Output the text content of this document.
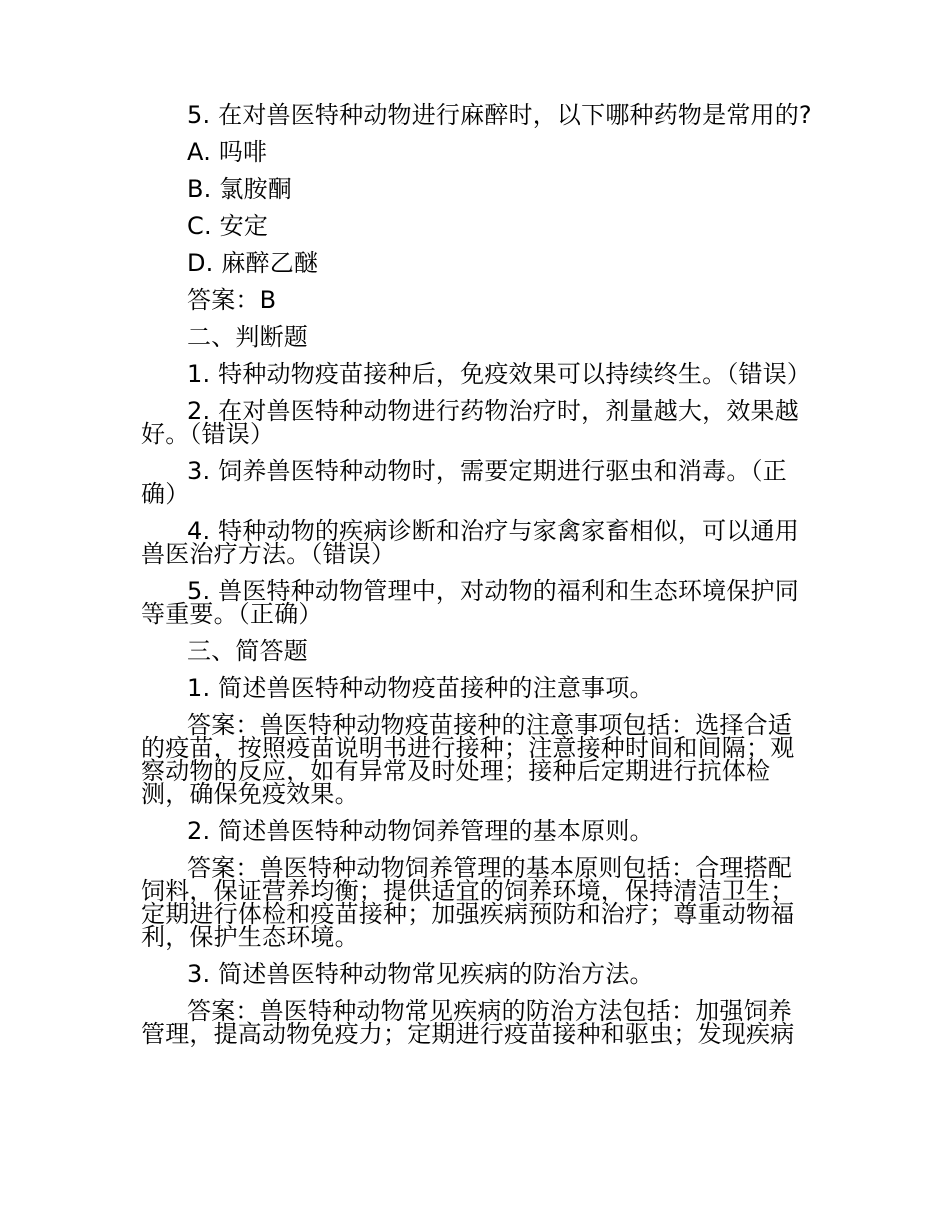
5. 在对兽医特种动物进行麻醉时，以下哪种药物是常用的?

A. 吗啡

B. 氯胺酮

C. 安定

D. 麻醉乙醚

答案：B

二、判断题

1. 特种动物疫苗接种后，免疫效果可以持续终生。（错误）

2. 在对兽医特种动物进行药物治疗时，剂量越大，效果越好。（错误）

3. 饲养兽医特种动物时，需要定期进行驱虫和消毒。（正确）

4. 特种动物的疾病诊断和治疗与家禽家畜相似，可以通用兽医治疗方法。（错误）

5. 兽医特种动物管理中，对动物的福利和生态环境保护同等重要。（正确）

三、简答题

1. 简述兽医特种动物疫苗接种的注意事项。

答案：兽医特种动物疫苗接种的注意事项包括：选择合适的疫苗，按照疫苗说明书进行接种；注意接种时间和间隔；观察动物的反应，如有异常及时处理；接种后定期进行抗体检测，确保免疫效果。

2. 简述兽医特种动物饲养管理的基本原则。

答案：兽医特种动物饲养管理的基本原则包括：合理搭配饲料，保证营养均衡；提供适宜的饲养环境，保持清洁卫生；定期进行体检和疫苗接种；加强疾病预防和治疗；尊重动物福利，保护生态环境。

3. 简述兽医特种动物常见疾病的防治方法。

答案：兽医特种动物常见疾病的防治方法包括：加强饲养管理，提高动物免疫力；定期进行疫苗接种和驱虫；发现疾病
